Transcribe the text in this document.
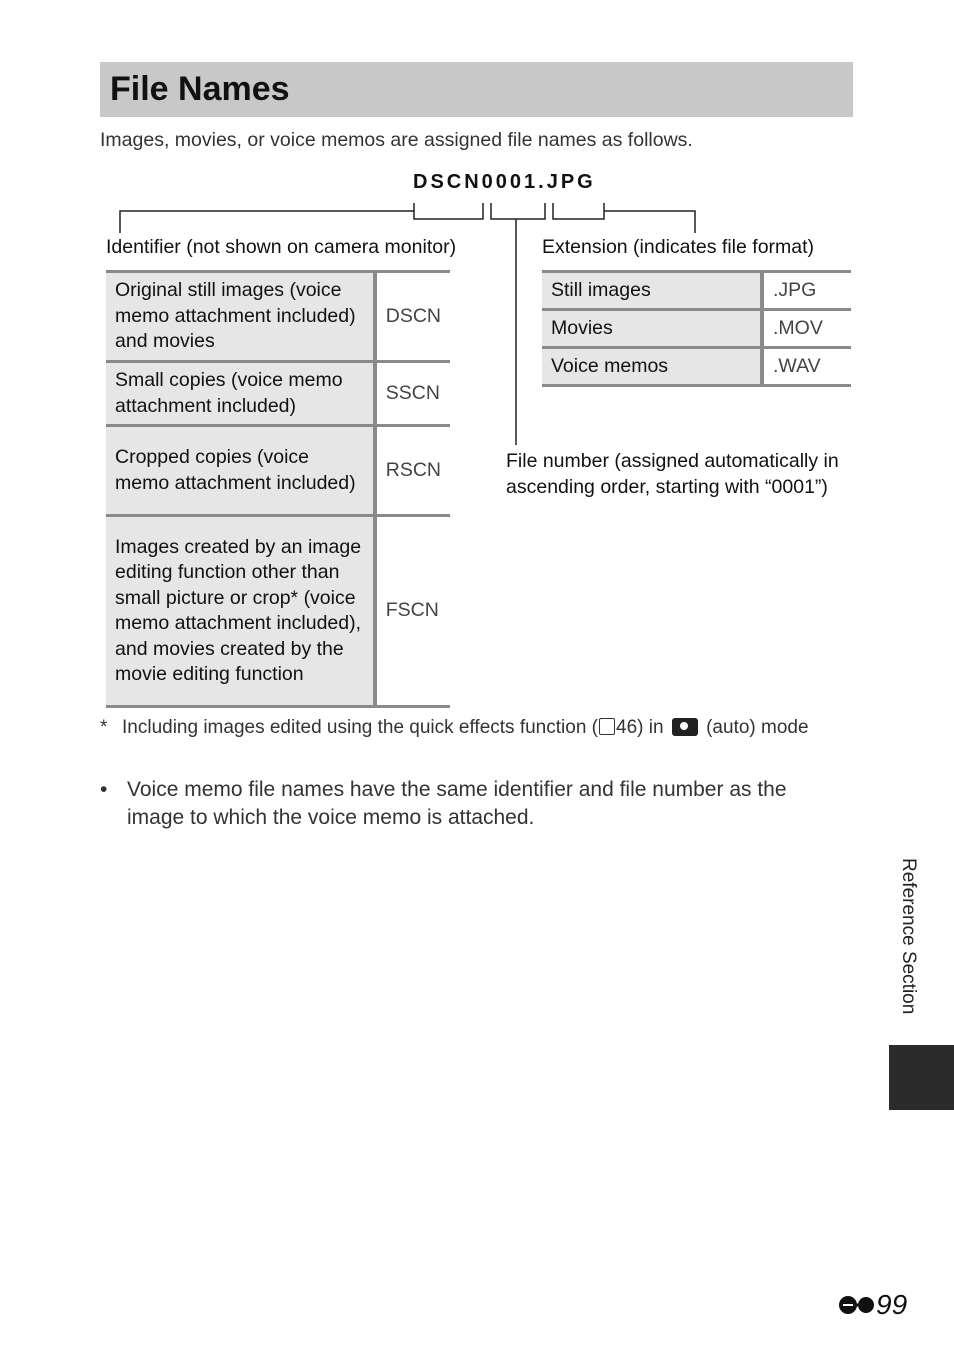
File Names
Images, movies, or voice memos are assigned file names as follows.
DSCN0001.JPG
Identifier (not shown on camera monitor)	Extension (indicates file format)
Original still images (voice memo attachment included) and movies	DSCN
Small copies (voice memo attachment included)	SSCN
Cropped copies (voice memo attachment included)	RSCN
Images created by an image editing function other than small picture or crop* (voice memo attachment included), and movies created by the movie editing function	FSCN
Still images	.JPG
Movies	.MOV
Voice memos	.WAV
File number (assigned automatically in ascending order, starting with “0001”)
* Including images edited using the quick effects function ( 46) in (auto) mode
• Voice memo file names have the same identifier and file number as the image to which the voice memo is attached.
Reference Section
99
